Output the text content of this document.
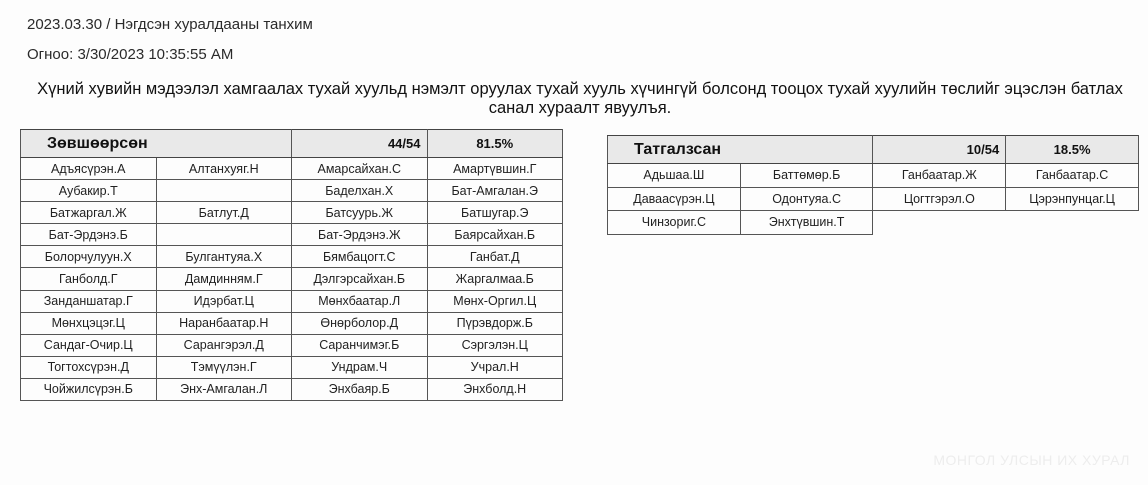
2023.03.30 / Нэгдсэн хуралдааны танхим
Огноо: 3/30/2023 10:35:55 AM
Хүний хувийн мэдээлэл хамгаалах тухай хуульд нэмэлт оруулах тухай хууль хүчингүй болсонд тооцох тухай хуулийн төслийг эцэслэн батлах санал хураалт явуулъя.
Зөвшөөрсөн		44/54	81.5%
Адъясүрэн.А	Алтанхуяг.Н	Амарсайхан.С	Амартүвшин.Г
Аубакир.Т		Баделхан.Х	Бат-Амгалан.Э
Батжаргал.Ж	Батлут.Д	Батсуурь.Ж	Батшугар.Э
Бат-Эрдэнэ.Б		Бат-Эрдэнэ.Ж	Баярсайхан.Б
Болорчулуун.Х	Булгантуяа.Х	Бямбацогт.С	Ганбат.Д
Ганболд.Г	Дамдинням.Г	Дэлгэрсайхан.Б	Жаргалмаа.Б
Занданшатар.Г	Идэрбат.Ц	Мөнхбаатар.Л	Мөнх-Оргил.Ц
Мөнхцэцэг.Ц	Наранбаатар.Н	Өнөрболор.Д	Пүрэвдорж.Б
Сандаг-Очир.Ц	Сарангэрэл.Д	Саранчимэг.Б	Сэргэлэн.Ц
Тогтохсүрэн.Д	Тэмүүлэн.Г	Ундрам.Ч	Учрал.Н
Чойжилсүрэн.Б	Энх-Амгалан.Л	Энхбаяр.Б	Энхболд.Н
Татгалзсан		10/54	18.5%
Адьшаа.Ш	Баттөмөр.Б	Ганбаатар.Ж	Ганбаатар.С
Даваасүрэн.Ц	Одонтуяа.С	Цогтгэрэл.О	Цэрэнпунцаг.Ц
Чинзориг.С	Энхтүвшин.Т		
МОНГОЛ УЛСЫН ИХ ХУРАЛ
